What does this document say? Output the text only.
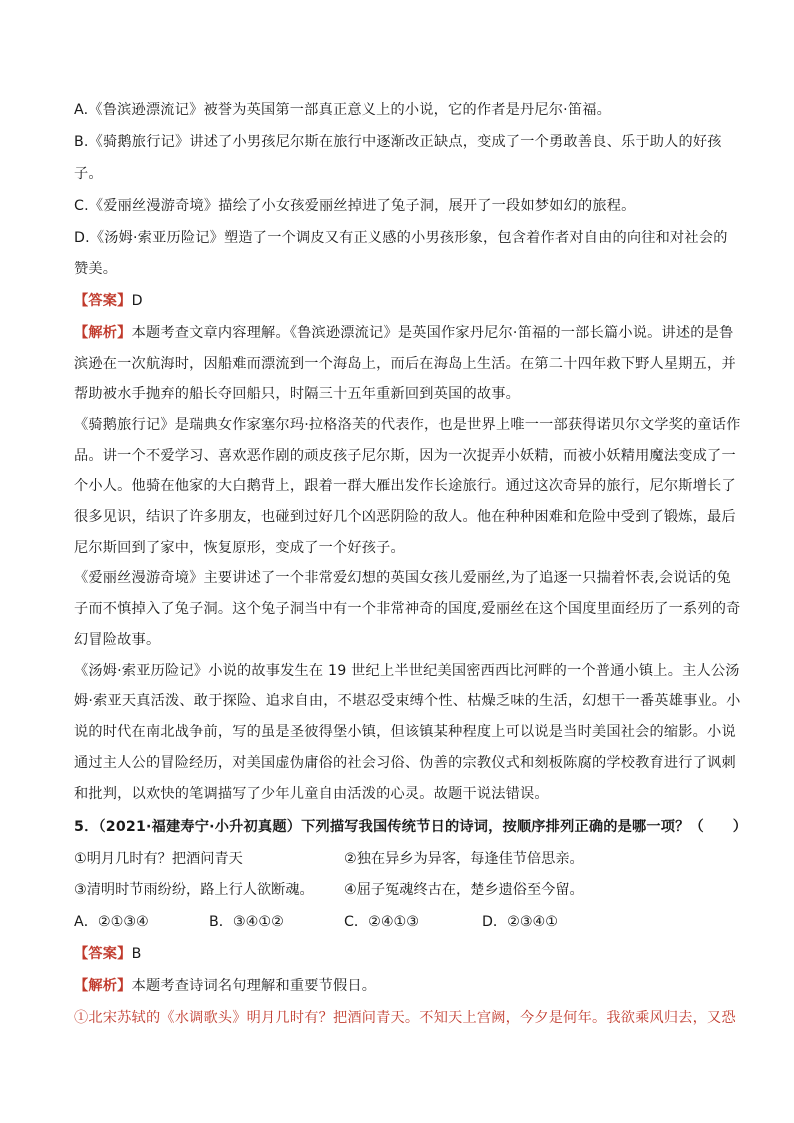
A.《鲁滨逊漂流记》被誉为英国第一部真正意义上的小说，它的作者是丹尼尔·笛福。
B.《骑鹅旅行记》讲述了小男孩尼尔斯在旅行中逐渐改正缺点，变成了一个勇敢善良、乐于助人的好孩
子。
C.《爱丽丝漫游奇境》描绘了小女孩爱丽丝掉进了兔子洞，展开了一段如梦如幻的旅程。
D.《汤姆·索亚历险记》塑造了一个调皮又有正义感的小男孩形象，包含着作者对自由的向往和对社会的
赞美。
【答案】D
【解析】本题考查文章内容理解。《鲁滨逊漂流记》是英国作家丹尼尔·笛福的一部长篇小说。讲述的是鲁
滨逊在一次航海时，因船难而漂流到一个海岛上，而后在海岛上生活。在第二十四年救下野人星期五，并
帮助被水手抛弃的船长夺回船只，时隔三十五年重新回到英国的故事。
《骑鹅旅行记》是瑞典女作家塞尔玛·拉格洛芙的代表作，也是世界上唯一一部获得诺贝尔文学奖的童话作
品。讲一个不爱学习、喜欢恶作剧的顽皮孩子尼尔斯，因为一次捉弄小妖精，而被小妖精用魔法变成了一
个小人。他骑在他家的大白鹅背上，跟着一群大雁出发作长途旅行。通过这次奇异的旅行，尼尔斯增长了
很多见识，结识了许多朋友，也碰到过好几个凶恶阴险的敌人。他在种种困难和危险中受到了锻炼，最后
尼尔斯回到了家中，恢复原形，变成了一个好孩子。
《爱丽丝漫游奇境》主要讲述了一个非常爱幻想的英国女孩儿爱丽丝,为了追逐一只揣着怀表,会说话的兔
子而不慎掉入了兔子洞。这个兔子洞当中有一个非常神奇的国度,爱丽丝在这个国度里面经历了一系列的奇
幻冒险故事。
《汤姆·索亚历险记》小说的故事发生在 19 世纪上半世纪美国密西西比河畔的一个普通小镇上。主人公汤
姆·索亚天真活泼、敢于探险、追求自由，不堪忍受束缚个性、枯燥乏味的生活，幻想干一番英雄事业。小
说的时代在南北战争前，写的虽是圣彼得堡小镇，但该镇某种程度上可以说是当时美国社会的缩影。小说
通过主人公的冒险经历，对美国虚伪庸俗的社会习俗、伪善的宗教仪式和刻板陈腐的学校教育进行了讽刺
和批判，以欢快的笔调描写了少年儿童自由活泼的心灵。故题干说法错误。
5．（2021·福建寿宁·小升初真题）下列描写我国传统节日的诗词，按顺序排列正确的是哪一项？（　　）
①明月几时有？把酒问青天	②独在异乡为异客，每逢佳节倍思亲。
③清明时节雨纷纷，路上行人欲断魂。 ④屈子冤魂终古在，楚乡遗俗至今留。
A．②①③④	B．③④①②	C．②④①③	D．②③④①
【答案】B
【解析】本题考查诗词名句理解和重要节假日。
①北宋苏轼的《水调歌头》明月几时有？把酒问青天。不知天上宫阙，今夕是何年。我欲乘风归去，又恐
